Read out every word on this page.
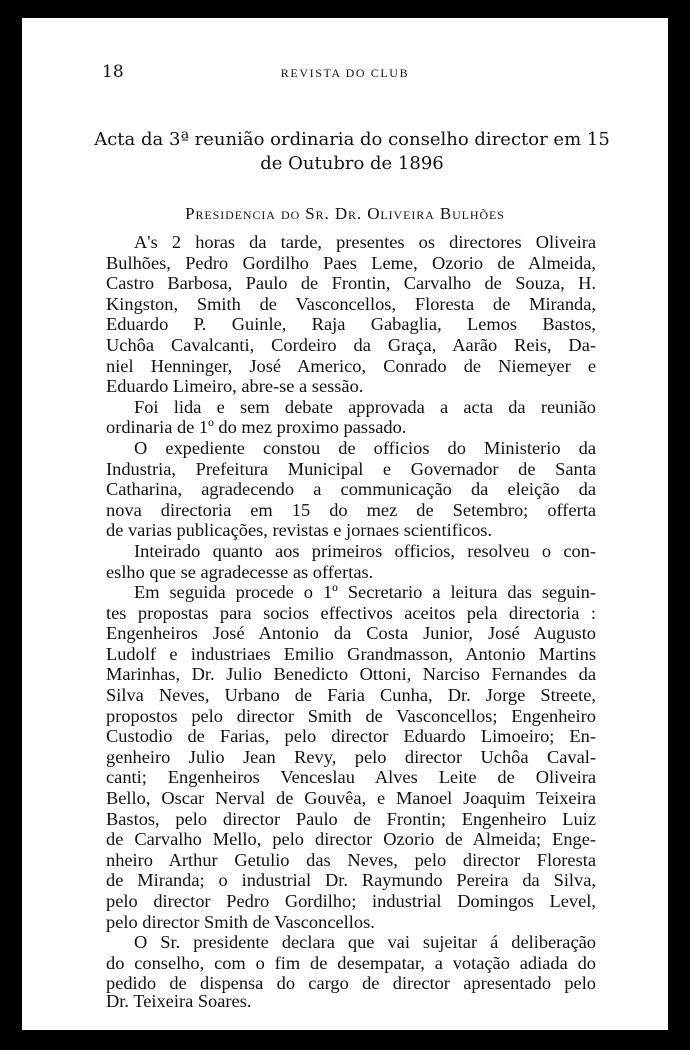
18	REVISTA DO CLUB
Acta da 3ª reunião ordinaria do conselho director em 15
de Outubro de 1896
Presidencia do Sr. Dr. Oliveira Bulhões
A's 2 horas da tarde, presentes os directores Oliveira
Bulhões, Pedro Gordilho Paes Leme, Ozorio de Almeida,
Castro Barbosa, Paulo de Frontin, Carvalho de Souza, H.
Kingston, Smith de Vasconcellos, Floresta de Miranda,
Eduardo P. Guinle, Raja Gabaglia, Lemos Bastos,
Uchôa Cavalcanti, Cordeiro da Graça, Aarão Reis, Da-
niel Henninger, José Americo, Conrado de Niemeyer e
Eduardo Limeiro, abre-se a sessão.
Foi lida e sem debate approvada a acta da reunião
ordinaria de 1º do mez proximo passado.
O expediente constou de officios do Ministerio da
Industria, Prefeitura Municipal e Governador de Santa
Catharina, agradecendo a communicação da eleição da
nova directoria em 15 do mez de Setembro; offerta
de varias publicações, revistas e jornaes scientificos.
Inteirado quanto aos primeiros officios, resolveu o con-
eslho que se agradecesse as offertas.
Em seguida procede o 1º Secretario a leitura das seguin-
tes propostas para socios effectivos aceitos pela directoria :
Engenheiros José Antonio da Costa Junior, José Augusto
Ludolf e industriaes Emilio Grandmasson, Antonio Martins
Marinhas, Dr. Julio Benedicto Ottoni, Narciso Fernandes da
Silva Neves, Urbano de Faria Cunha, Dr. Jorge Streete,
propostos pelo director Smith de Vasconcellos; Engenheiro
Custodio de Farias, pelo director Eduardo Limoeiro; En-
genheiro Julio Jean Revy, pelo director Uchôa Caval-
canti; Engenheiros Venceslau Alves Leite de Oliveira
Bello, Oscar Nerval de Gouvêa, e Manoel Joaquim Teixeira
Bastos, pelo director Paulo de Frontin; Engenheiro Luiz
de Carvalho Mello, pelo director Ozorio de Almeida; Enge-
nheiro Arthur Getulio das Neves, pelo director Floresta
de Miranda; o industrial Dr. Raymundo Pereira da Silva,
pelo director Pedro Gordilho; industrial Domingos Level,
pelo director Smith de Vasconcellos.
O Sr. presidente declara que vai sujeitar á deliberação
do conselho, com o fim de desempatar, a votação adiada do
pedido de dispensa do cargo de director apresentado pelo
Dr. Teixeira Soares.
